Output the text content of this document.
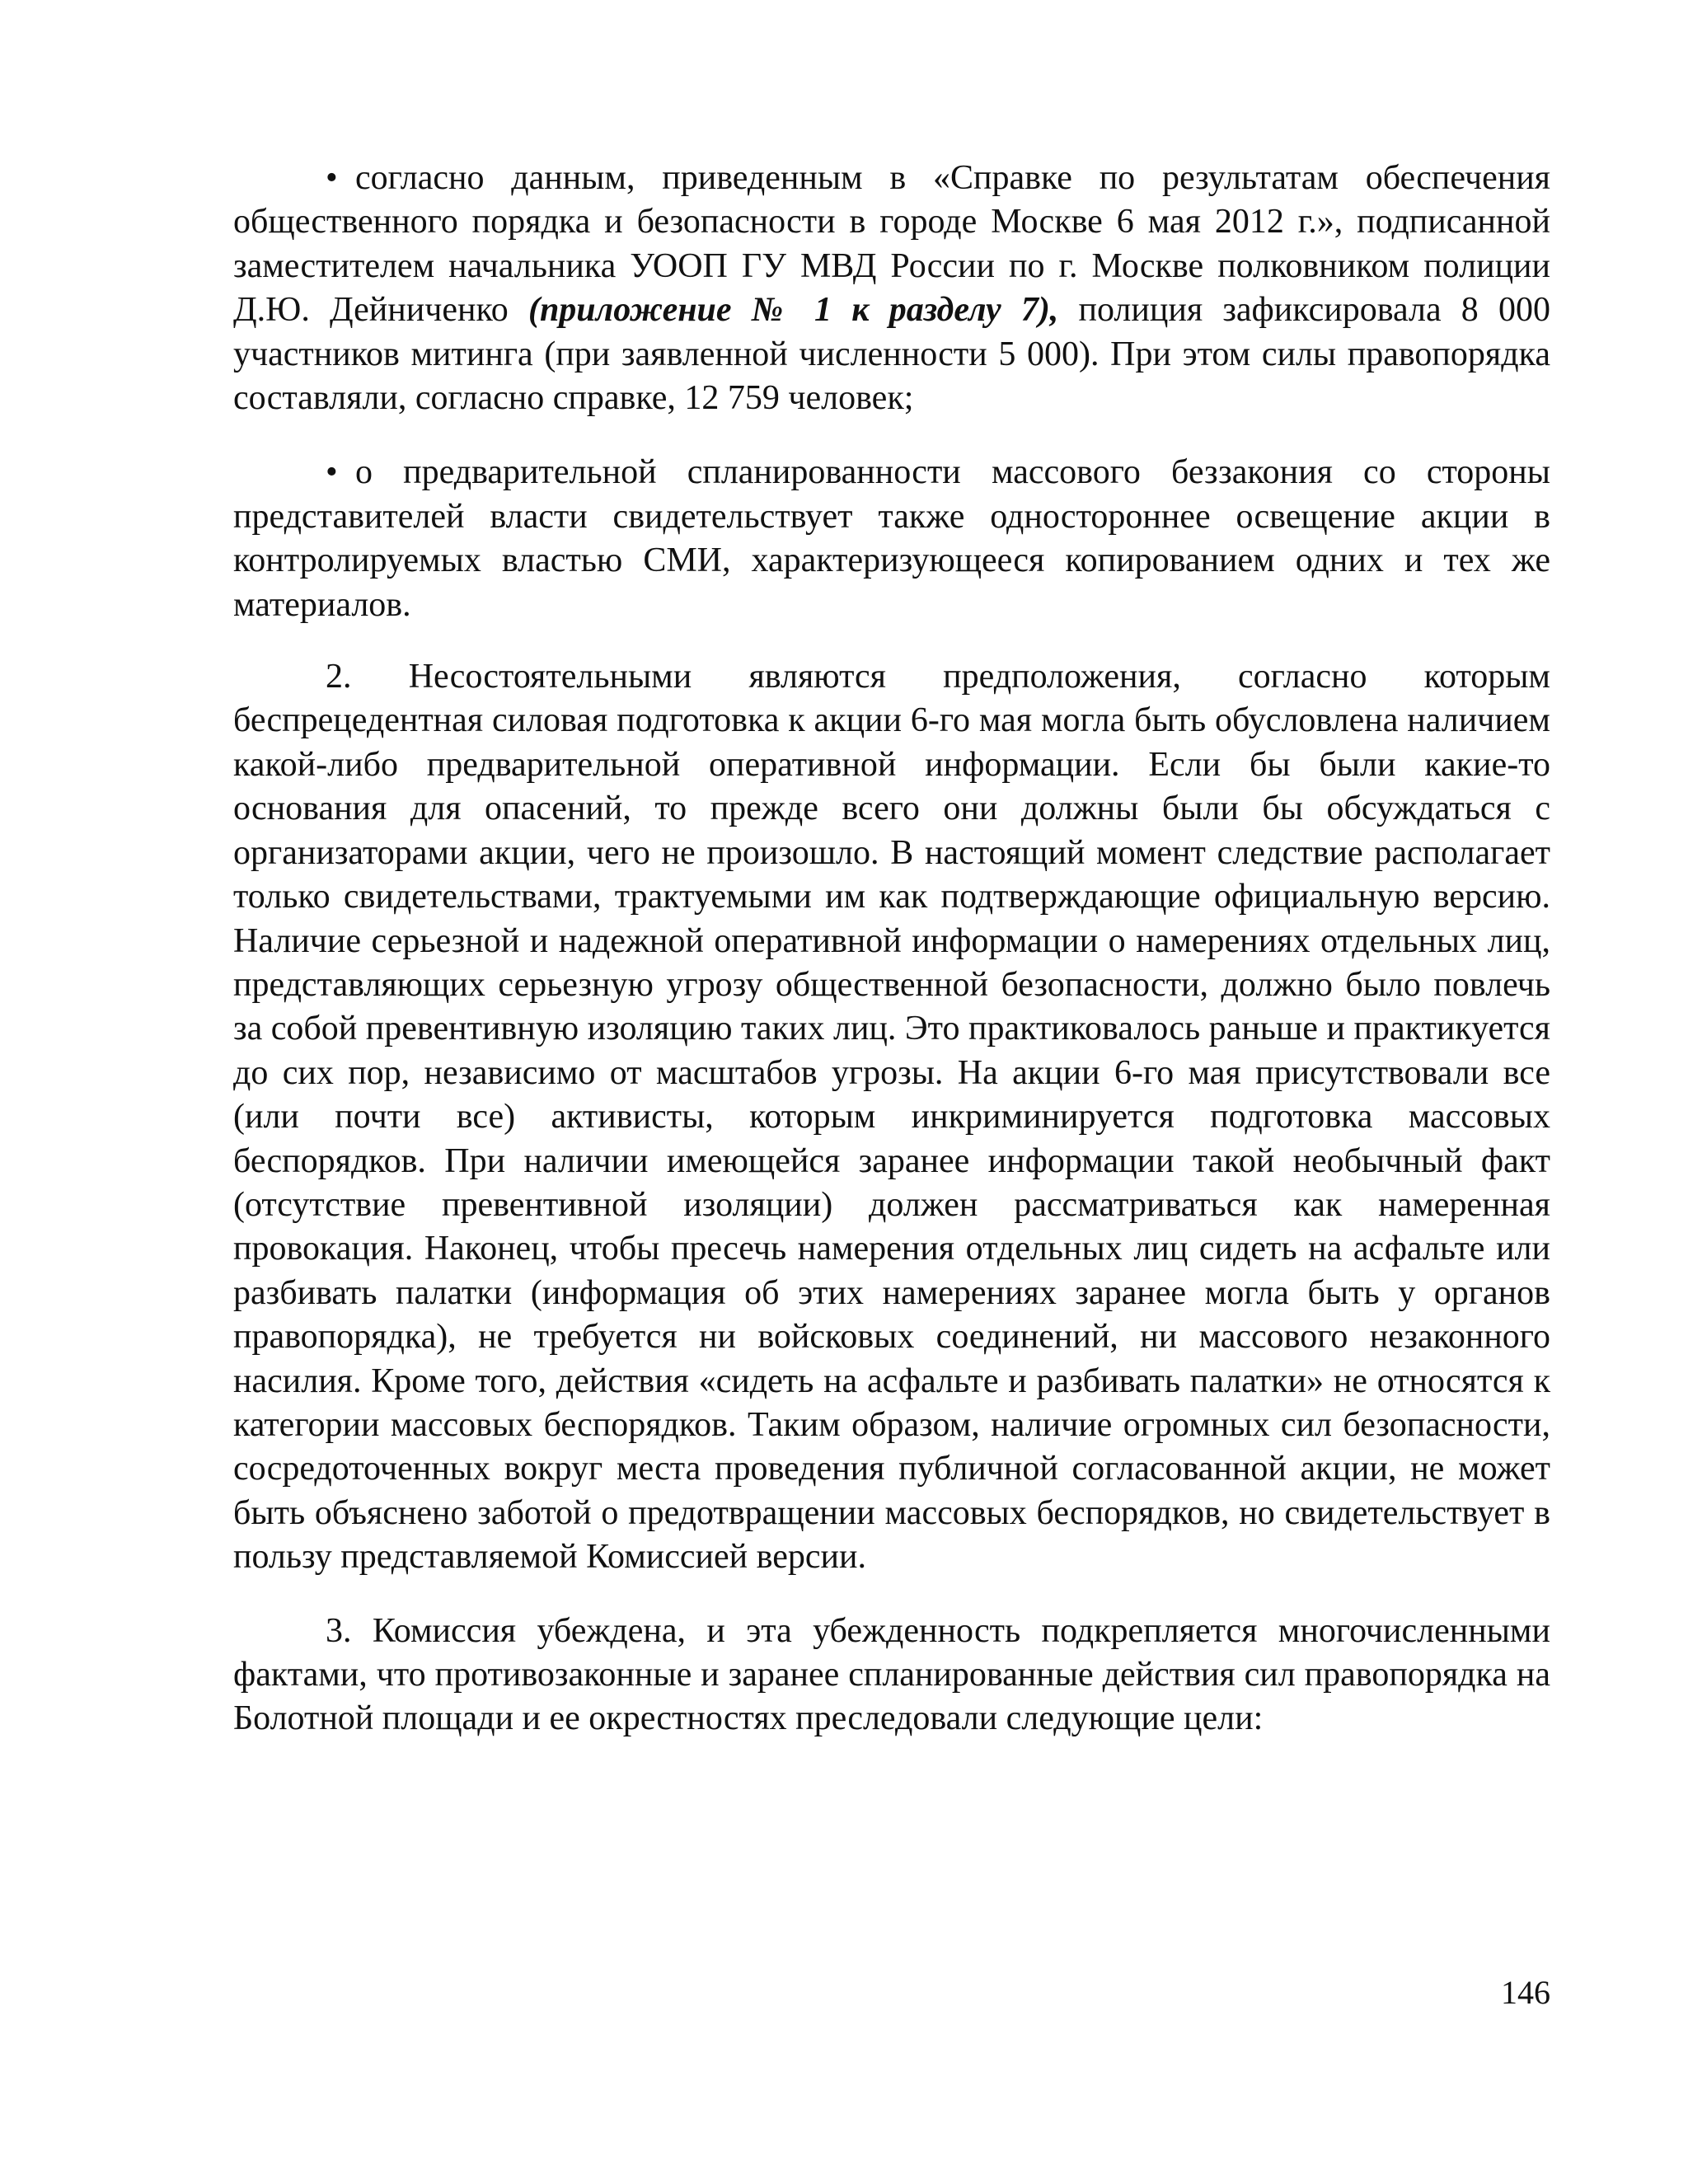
• согласно данным, приведенным в «Справке по результатам обеспечения общественного порядка и безопасности в городе Москве 6 мая 2012 г.», подписанной заместителем начальника УООП ГУ МВД России по г. Москве полковником полиции Д.Ю. Дейниченко (приложение № 1 к разделу 7), полиция зафиксировала 8 000 участников митинга (при заявленной численности 5 000). При этом силы правопорядка составляли, согласно справке, 12 759 человек;

• о предварительной спланированности массового беззакония со стороны представителей власти свидетельствует также одностороннее освещение акции в контролируемых властью СМИ, характеризующееся копированием одних и тех же материалов.

2. Несостоятельными являются предположения, согласно которым беспрецедентная силовая подготовка к акции 6-го мая могла быть обусловлена наличием какой-либо предварительной оперативной информации. Если бы были какие-то основания для опасений, то прежде всего они должны были бы обсуждаться с организаторами акции, чего не произошло. В настоящий момент следствие располагает только свидетельствами, трактуемыми им как подтверждающие официальную версию. Наличие серьезной и надежной оперативной информации о намерениях отдельных лиц, представляющих серьезную угрозу общественной безопасности, должно было повлечь за собой превентивную изоляцию таких лиц. Это практиковалось раньше и практикуется до сих пор, независимо от масштабов угрозы. На акции 6-го мая присутствовали все (или почти все) активисты, которым инкриминируется подготовка массовых беспорядков. При наличии имеющейся заранее информации такой необычный факт (отсутствие превентивной изоляции) должен рассматриваться как намеренная провокация. Наконец, чтобы пресечь намерения отдельных лиц сидеть на асфальте или разбивать палатки (информация об этих намерениях заранее могла быть у органов правопорядка), не требуется ни войсковых соединений, ни массового незаконного насилия. Кроме того, действия «сидеть на асфальте и разбивать палатки» не относятся к категории массовых беспорядков. Таким образом, наличие огромных сил безопасности, сосредоточенных вокруг места проведения публичной согласованной акции, не может быть объяснено заботой о предотвращении массовых беспорядков, но свидетельствует в пользу представляемой Комиссией версии.

3. Комиссия убеждена, и эта убежденность подкрепляется многочисленными фактами, что противозаконные и заранее спланированные действия сил правопорядка на Болотной площади и ее окрестностях преследовали следующие цели:

146
